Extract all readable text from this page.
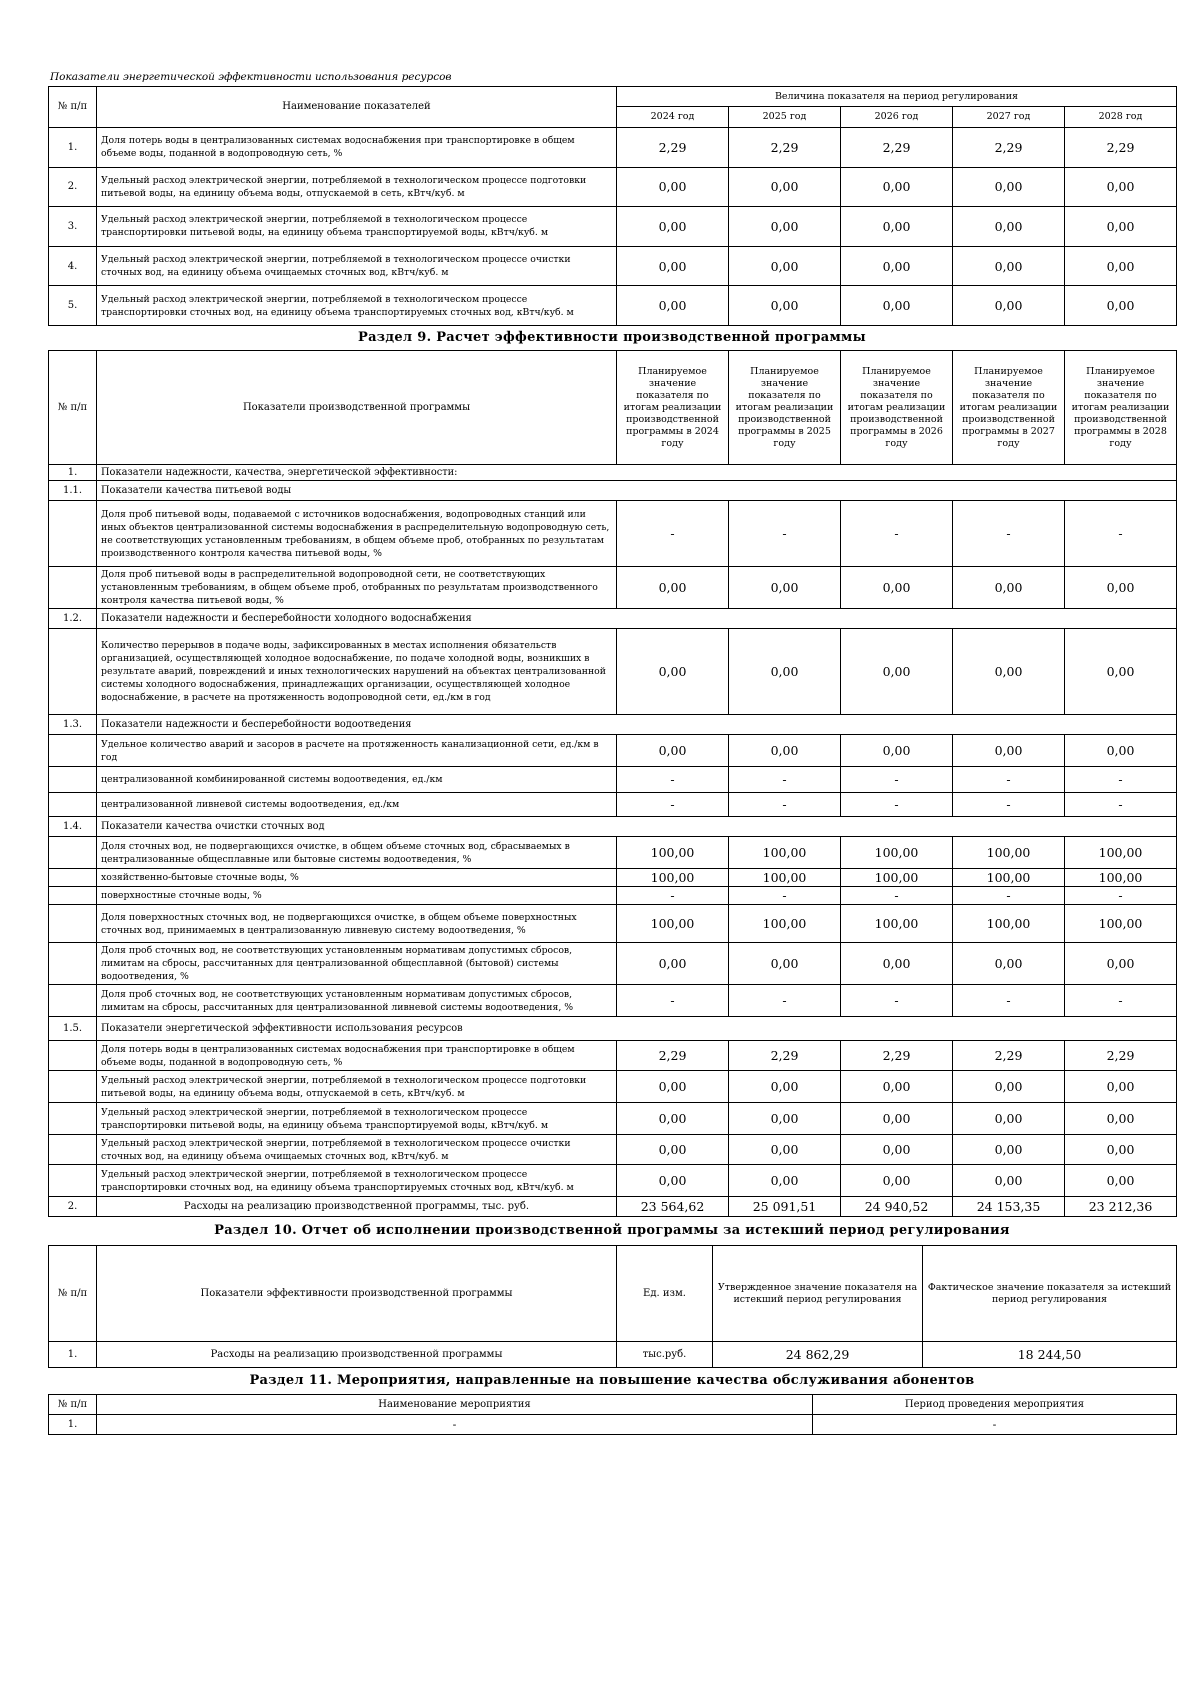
Показатели энергетической эффективности использования ресурсов
№ п/п	Наименование показателей	Величина показателя на период регулирования				
		2024 год	2025 год	2026 год	2027 год	2028 год
1.	Доля потерь воды в централизованных системах водоснабжения при транспортировке в общем объеме воды, поданной в водопроводную сеть, %	2,29	2,29	2,29	2,29	2,29
2.	Удельный расход электрической энергии, потребляемой в технологическом процессе подготовки питьевой воды, на единицу объема воды, отпускаемой в сеть, кВтч/куб. м	0,00	0,00	0,00	0,00	0,00
3.	Удельный расход электрической энергии, потребляемой в технологическом процессе транспортировки питьевой воды, на единицу объема транспортируемой воды, кВтч/куб. м	0,00	0,00	0,00	0,00	0,00
4.	Удельный расход электрической энергии, потребляемой в технологическом процессе очистки сточных вод, на единицу объема очищаемых сточных вод, кВтч/куб. м	0,00	0,00	0,00	0,00	0,00
5.	Удельный расход электрической энергии, потребляемой в технологическом процессе транспортировки сточных вод, на единицу объема транспортируемых сточных вод, кВтч/куб. м	0,00	0,00	0,00	0,00	0,00
Раздел 9. Расчет эффективности производственной программы
№ п/п	Показатели производственной программы	Планируемое значение показателя по итогам реализации производственной программы в 2024 году	Планируемое значение показателя по итогам реализации производственной программы в 2025 году	Планируемое значение показателя по итогам реализации производственной программы в 2026 году	Планируемое значение показателя по итогам реализации производственной программы в 2027 году	Планируемое значение показателя по итогам реализации производственной программы в 2028 году
1.	Показатели надежности, качества, энергетической эффективности:					
1.1.	Показатели качества питьевой воды					
	Доля проб питьевой воды, подаваемой с источников водоснабжения, водопроводных станций или иных объектов централизованной системы водоснабжения в распределительную водопроводную сеть, не соответствующих установленным требованиям, в общем объеме проб, отобранных по результатам производственного контроля качества питьевой воды, %	-	-	-	-	-
	Доля проб питьевой воды в распределительной водопроводной сети, не соответствующих установленным требованиям, в общем объеме проб, отобранных по результатам производственного контроля качества питьевой воды, %	0,00	0,00	0,00	0,00	0,00
1.2.	Показатели надежности и бесперебойности холодного водоснабжения					
	Количество перерывов в подаче воды, зафиксированных в местах исполнения обязательств организацией, осуществляющей холодное водоснабжение, по подаче холодной воды, возникших в результате аварий, повреждений и иных технологических нарушений на объектах централизованной системы холодного водоснабжения, принадлежащих организации, осуществляющей холодное водоснабжение, в расчете на протяженность водопроводной сети, ед./км в год	0,00	0,00	0,00	0,00	0,00
1.3.	Показатели надежности и бесперебойности водоотведения					
	Удельное количество аварий и засоров в расчете на протяженность канализационной сети, ед./км в год	0,00	0,00	0,00	0,00	0,00
	централизованной комбинированной системы водоотведения, ед./км	-	-	-	-	-
	централизованной ливневой системы водоотведения, ед./км	-	-	-	-	-
1.4.	Показатели качества очистки сточных вод					
	Доля сточных вод, не подвергающихся очистке, в общем объеме сточных вод, сбрасываемых в централизованные общесплавные или бытовые системы водоотведения, %	100,00	100,00	100,00	100,00	100,00
	хозяйственно-бытовые сточные воды, %	100,00	100,00	100,00	100,00	100,00
	поверхностные сточные воды, %	-	-	-	-	-
	Доля поверхностных сточных вод, не подвергающихся очистке, в общем объеме поверхностных сточных вод, принимаемых в централизованную ливневую систему водоотведения, %	100,00	100,00	100,00	100,00	100,00
	Доля проб сточных вод, не соответствующих установленным нормативам допустимых сбросов, лимитам на сбросы, рассчитанных для централизованной общесплавной (бытовой) системы водоотведения, %	0,00	0,00	0,00	0,00	0,00
	Доля проб сточных вод, не соответствующих установленным нормативам допустимых сбросов, лимитам на сбросы, рассчитанных для централизованной ливневой системы водоотведения, %	-	-	-	-	-
1.5.	Показатели энергетической эффективности использования ресурсов					
	Доля потерь воды в централизованных системах водоснабжения при транспортировке в общем объеме воды, поданной в водопроводную сеть, %	2,29	2,29	2,29	2,29	2,29
	Удельный расход электрической энергии, потребляемой в технологическом процессе подготовки питьевой воды, на единицу объема воды, отпускаемой в сеть, кВтч/куб. м	0,00	0,00	0,00	0,00	0,00
	Удельный расход электрической энергии, потребляемой в технологическом процессе транспортировки питьевой воды, на единицу объема транспортируемой воды, кВтч/куб. м	0,00	0,00	0,00	0,00	0,00
	Удельный расход электрической энергии, потребляемой в технологическом процессе очистки сточных вод, на единицу объема очищаемых сточных вод, кВтч/куб. м	0,00	0,00	0,00	0,00	0,00
	Удельный расход электрической энергии, потребляемой в технологическом процессе транспортировки сточных вод, на единицу объема транспортируемых сточных вод, кВтч/куб. м	0,00	0,00	0,00	0,00	0,00
2.	Расходы на реализацию производственной программы, тыс. руб.	23 564,62	25 091,51	24 940,52	24 153,35	23 212,36
Раздел 10. Отчет об исполнении производственной программы за истекший период регулирования
№ п/п	Показатели эффективности производственной программы	Ед. изм.	Утвержденное значение показателя на истекший период регулирования	Фактическое значение показателя за истекший период регулирования
1.	Расходы на реализацию производственной программы	тыс.руб.	24 862,29	18 244,50
Раздел 11. Мероприятия, направленные на повышение качества обслуживания абонентов
№ п/п	Наименование мероприятия	Период проведения мероприятия
1.	-	-
